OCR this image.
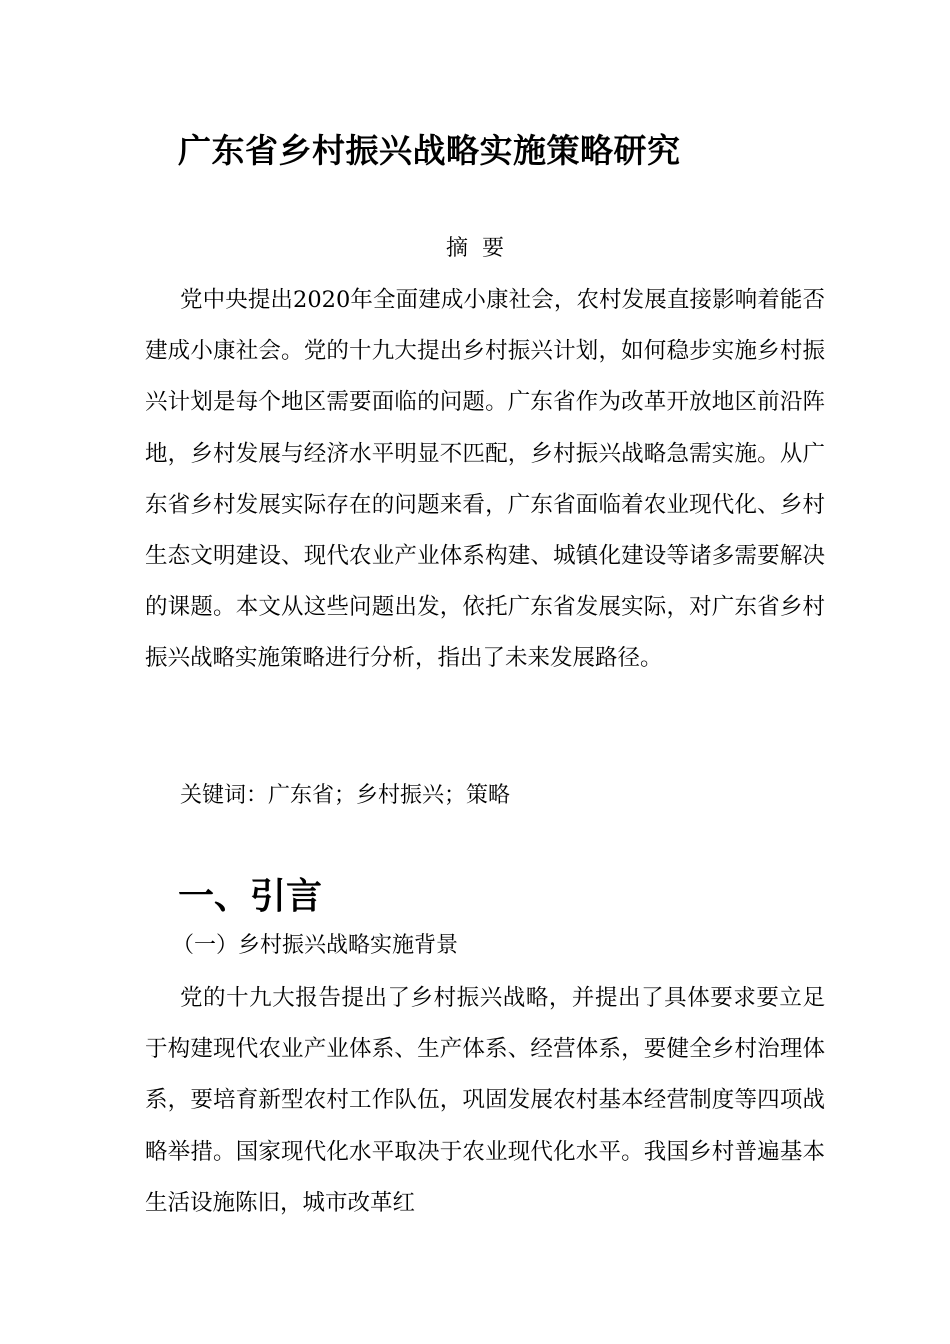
广东省乡村振兴战略实施策略研究
摘要

党中央提出2020年全面建成小康社会，农村发展直接影响着能否建成小康社会。党的十九大提出乡村振兴计划，如何稳步实施乡村振兴计划是每个地区需要面临的问题。广东省作为改革开放地区前沿阵地，乡村发展与经济水平明显不匹配，乡村振兴战略急需实施。从广东省乡村发展实际存在的问题来看，广东省面临着农业现代化、乡村生态文明建设、现代农业产业体系构建、城镇化建设等诸多需要解决的课题。本文从这些问题出发，依托广东省发展实际，对广东省乡村振兴战略实施策略进行分析，指出了未来发展路径。

关键词：广东省；乡村振兴；策略
一、引言
（一）乡村振兴战略实施背景

党的十九大报告提出了乡村振兴战略，并提出了具体要求要立足于构建现代农业产业体系、生产体系、经营体系，要健全乡村治理体系，要培育新型农村工作队伍，巩固发展农村基本经营制度等四项战略举措。国家现代化水平取决于农业现代化水平。我国乡村普遍基本生活设施陈旧，城市改革红
